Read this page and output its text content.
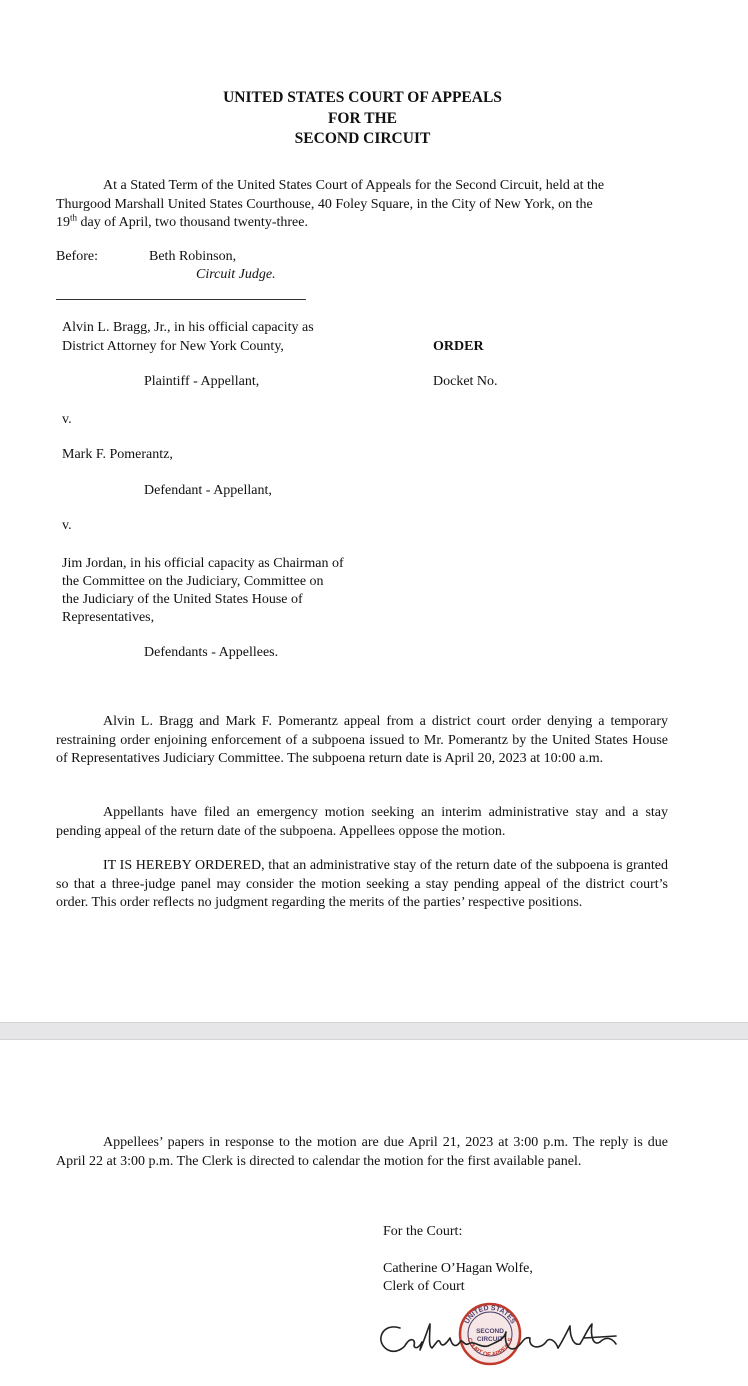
UNITED STATES COURT OF APPEALS
FOR THE
SECOND CIRCUIT
At a Stated Term of the United States Court of Appeals for the Second Circuit, held at the
Thurgood Marshall United States Courthouse, 40 Foley Square, in the City of New York, on the
19th day of April, two thousand twenty-three.
Before:	Beth Robinson,
Circuit Judge.
Alvin L. Bragg, Jr., in his official capacity as
District Attorney for New York County,	ORDER
Plaintiff - Appellant,	Docket No.
v.
Mark F. Pomerantz,
Defendant - Appellant,
v.
Jim Jordan, in his official capacity as Chairman of
the Committee on the Judiciary, Committee on
the Judiciary of the United States House of
Representatives,
Defendants - Appellees.
Alvin L. Bragg and Mark F. Pomerantz appeal from a district court order denying a temporary restraining order enjoining enforcement of a subpoena issued to Mr. Pomerantz by the United States House of Representatives Judiciary Committee. The subpoena return date is April 20, 2023 at 10:00 a.m.
Appellants have filed an emergency motion seeking an interim administrative stay and a stay pending appeal of the return date of the subpoena. Appellees oppose the motion.
IT IS HEREBY ORDERED, that an administrative stay of the return date of the subpoena is granted so that a three-judge panel may consider the motion seeking a stay pending appeal of the district court’s order. This order reflects no judgment regarding the merits of the parties’ respective positions.
Appellees’ papers in response to the motion are due April 21, 2023 at 3:00 p.m. The reply is due April 22 at 3:00 p.m. The Clerk is directed to calendar the motion for the first available panel.
For the Court:
Catherine O’Hagan Wolfe,
Clerk of Court
UNITED STATES
SECOND
CIRCUIT
COURT OF APPEALS
